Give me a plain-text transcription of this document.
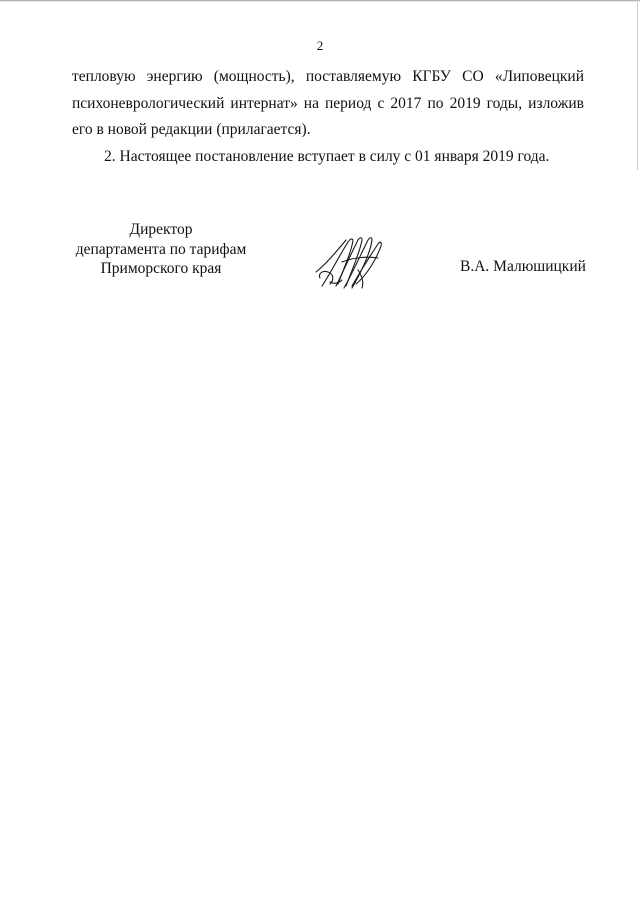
2

тепловую энергию (мощность), поставляемую КГБУ СО «Липовецкий психоневрологический интернат» на период с 2017 по 2019 годы, изложив его в новой редакции (прилагается).

2. Настоящее постановление вступает в силу с 01 января 2019 года.

Директор
департамента по тарифам
Приморского края	В.А. Малюшицкий
